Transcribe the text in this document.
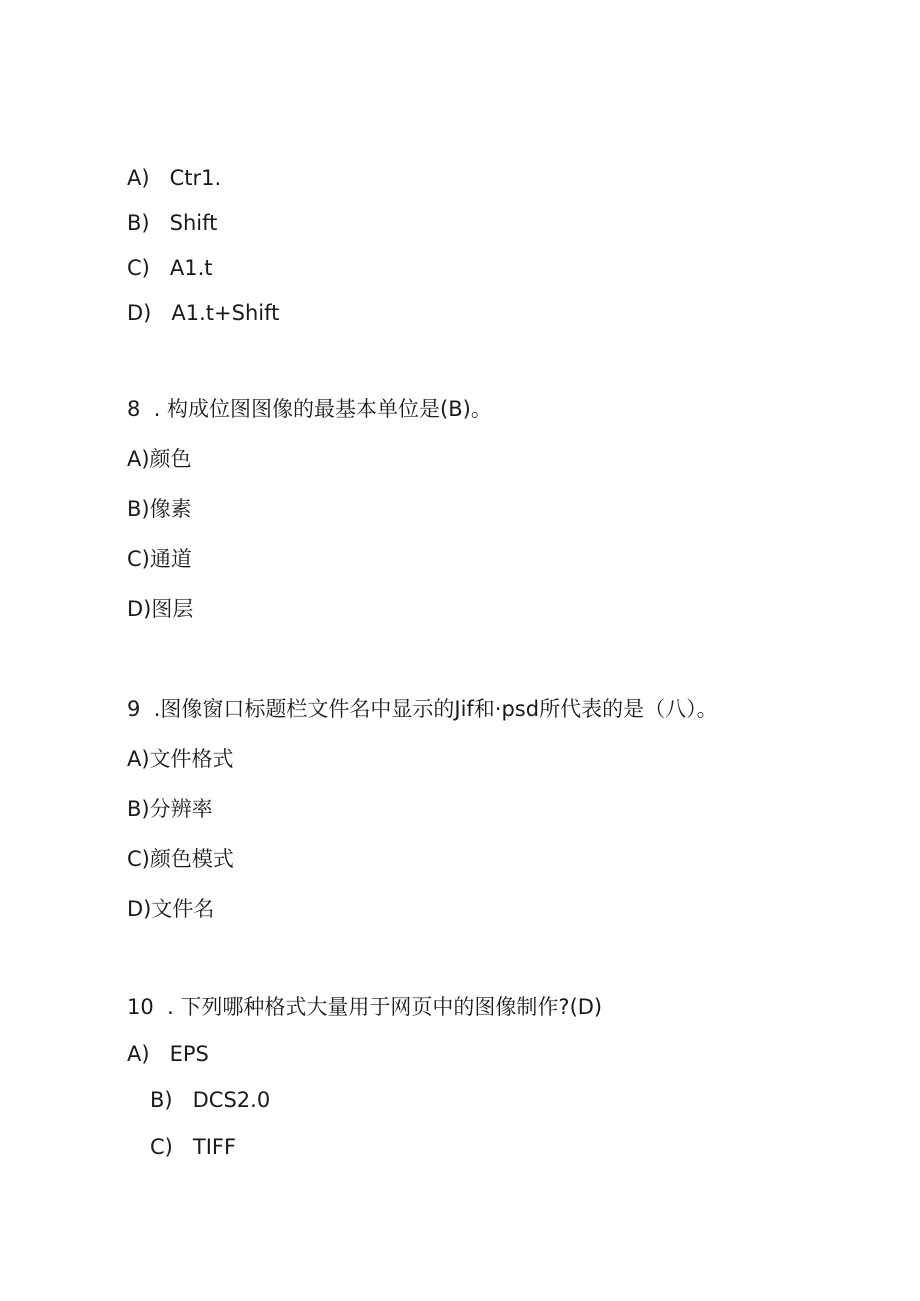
A)   Ctr1.
B)   Shift
C)   A1.t
D)   A1.t+Shift
8  . 构成位图图像的最基本单位是(B)。
A)颜色
B)像素
C)通道
D)图层
9  .图像窗口标题栏文件名中显示的Jif和·psd所代表的是（八）。
A)文件格式
B)分辨率
C)颜色模式
D)文件名
10  . 下列哪种格式大量用于网页中的图像制作?(D)
A)   EPS
B)   DCS2.0
C)   TIFF
